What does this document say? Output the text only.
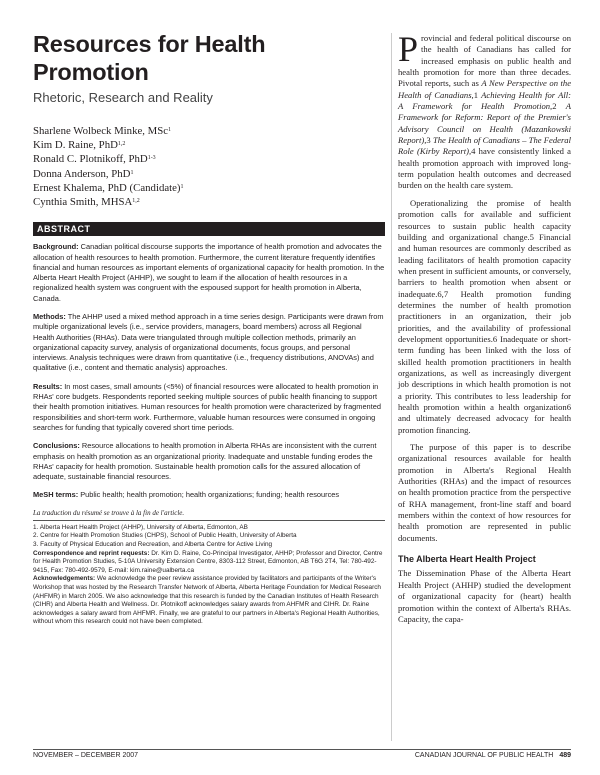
Resources for Health Promotion
Rhetoric, Research and Reality
Sharlene Wolbeck Minke, MSc$^1$
Kim D. Raine, PhD$^{1,2}$
Ronald C. Plotnikoff, PhD$^{1-3}$
Donna Anderson, PhD$^1$
Ernest Khalema, PhD (Candidate)$^1$
Cynthia Smith, MHSA$^{1,2}$
ABSTRACT

Background: Canadian political discourse supports the importance of health promotion and advocates the allocation of health resources to health promotion. Furthermore, the current literature frequently identifies financial and human resources as important elements of organizational capacity for health promotion. In the Alberta Heart Health Project (AHHP), we sought to learn if the allocation of health resources in a regionalized health system was congruent with the espoused support for health promotion in Alberta, Canada.

Methods: The AHHP used a mixed method approach in a time series design. Participants were drawn from multiple organizational levels (i.e., service providers, managers, board members) across all Regional Health Authorities (RHAs). Data were triangulated through multiple collection methods, primarily an organizational capacity survey, analysis of organizational documents, focus groups, and personal interviews. Analysis techniques were drawn from quantitative (i.e., frequency distributions, ANOVAs) and qualitative (i.e., content and thematic analysis) approaches.

Results: In most cases, small amounts (<5%) of financial resources were allocated to health promotion in RHAs' core budgets. Respondents reported seeking multiple sources of public health financing to support their health promotion initiatives. Human resources for health promotion were characterized by fragmented responsibilities and short-term work. Furthermore, valuable human resources were consumed in ongoing searches for funding that typically covered short time periods.

Conclusions: Resource allocations to health promotion in Alberta RHAs are inconsistent with the current emphasis on health promotion as an organizational priority. Inadequate and unstable funding erodes the RHAs' capacity for health promotion. Sustainable health promotion calls for the assured allocation of adequate, sustainable financial resources.

MeSH terms: Public health; health promotion; health organizations; funding; health resources

La traduction du résumé se trouve à la fin de l'article.
1. Alberta Heart Health Project (AHHP), University of Alberta, Edmonton, AB
2. Centre for Health Promotion Studies (CHPS), School of Public Health, University of Alberta
3. Faculty of Physical Education and Recreation, and Alberta Centre for Active Living
Correspondence and reprint requests: Dr. Kim D. Raine, Co-Principal Investigator, AHHP; Professor and Director, Centre for Health Promotion Studies, 5-10A University Extension Centre, 8303-112 Street, Edmonton, AB T6G 2T4, Tel: 780-492-9415, Fax: 780-492-9579, E-mail: kim.raine@ualberta.ca
Acknowledgements: We acknowledge the peer review assistance provided by facilitators and participants of the Writer's Workshop that was hosted by the Research Transfer Network of Alberta, Alberta Heritage Foundation for Medical Research (AHFMR) in March 2005. We also acknowledge that this research is funded by the Canadian Institutes of Health Research (CIHR) and Alberta Health and Wellness. Dr. Plotnikoff acknowledges salary awards from AHFMR and CIHR. Dr. Raine acknowledges a salary award from AHFMR. Finally, we are grateful to our partners in Alberta's Regional Health Authorities, without whom this research could not have been completed.

Provincial and federal political discourse on the health of Canadians has called for increased emphasis on public health and health promotion for more than three decades. Pivotal reports, such as A New Perspective on the Health of Canadians,1 Achieving Health for All: A Framework for Health Promotion,2 A Framework for Reform: Report of the Premier's Advisory Council on Health (Mazankowski Report),3 The Health of Canadians – The Federal Role (Kirby Report),4 have consistently linked a health promotion approach with improved long-term population health outcomes and decreased burden on the health care system.

Operationalizing the promise of health promotion calls for available and sufficient resources to sustain public health capacity building and organizational change.5 Financial and human resources are commonly described as leading facilitators of health promotion capacity when present in sufficient amounts, or conversely, barriers to health promotion when absent or inadequate.6,7 Health promotion funding determines the number of health promotion practitioners in an organization, their job priorities, and the availability of professional development opportunities.6 Inadequate or short-term funding has been linked with the loss of skilled health promotion practitioners in health organizations, as well as increasingly divergent job descriptions in which health promotion is not a priority. This contributes to less leadership for health promotion within a health organization6 and ultimately decreased advocacy for health promotion financing.

The purpose of this paper is to describe organizational resources available for health promotion in Alberta's Regional Health Authorities (RHAs) and the impact of resources on health promotion practice from the perspective of RHA management, front-line staff and board members within the context of how resources for health promotion are represented in public documents.

The Alberta Heart Health Project

The Dissemination Phase of the Alberta Heart Health Project (AHHP) studied the development of organizational capacity for (heart) health promotion within the context of Alberta's RHAs. Capacity, the capa-

NOVEMBER – DECEMBER 2007	CANADIAN JOURNAL OF PUBLIC HEALTH 489
